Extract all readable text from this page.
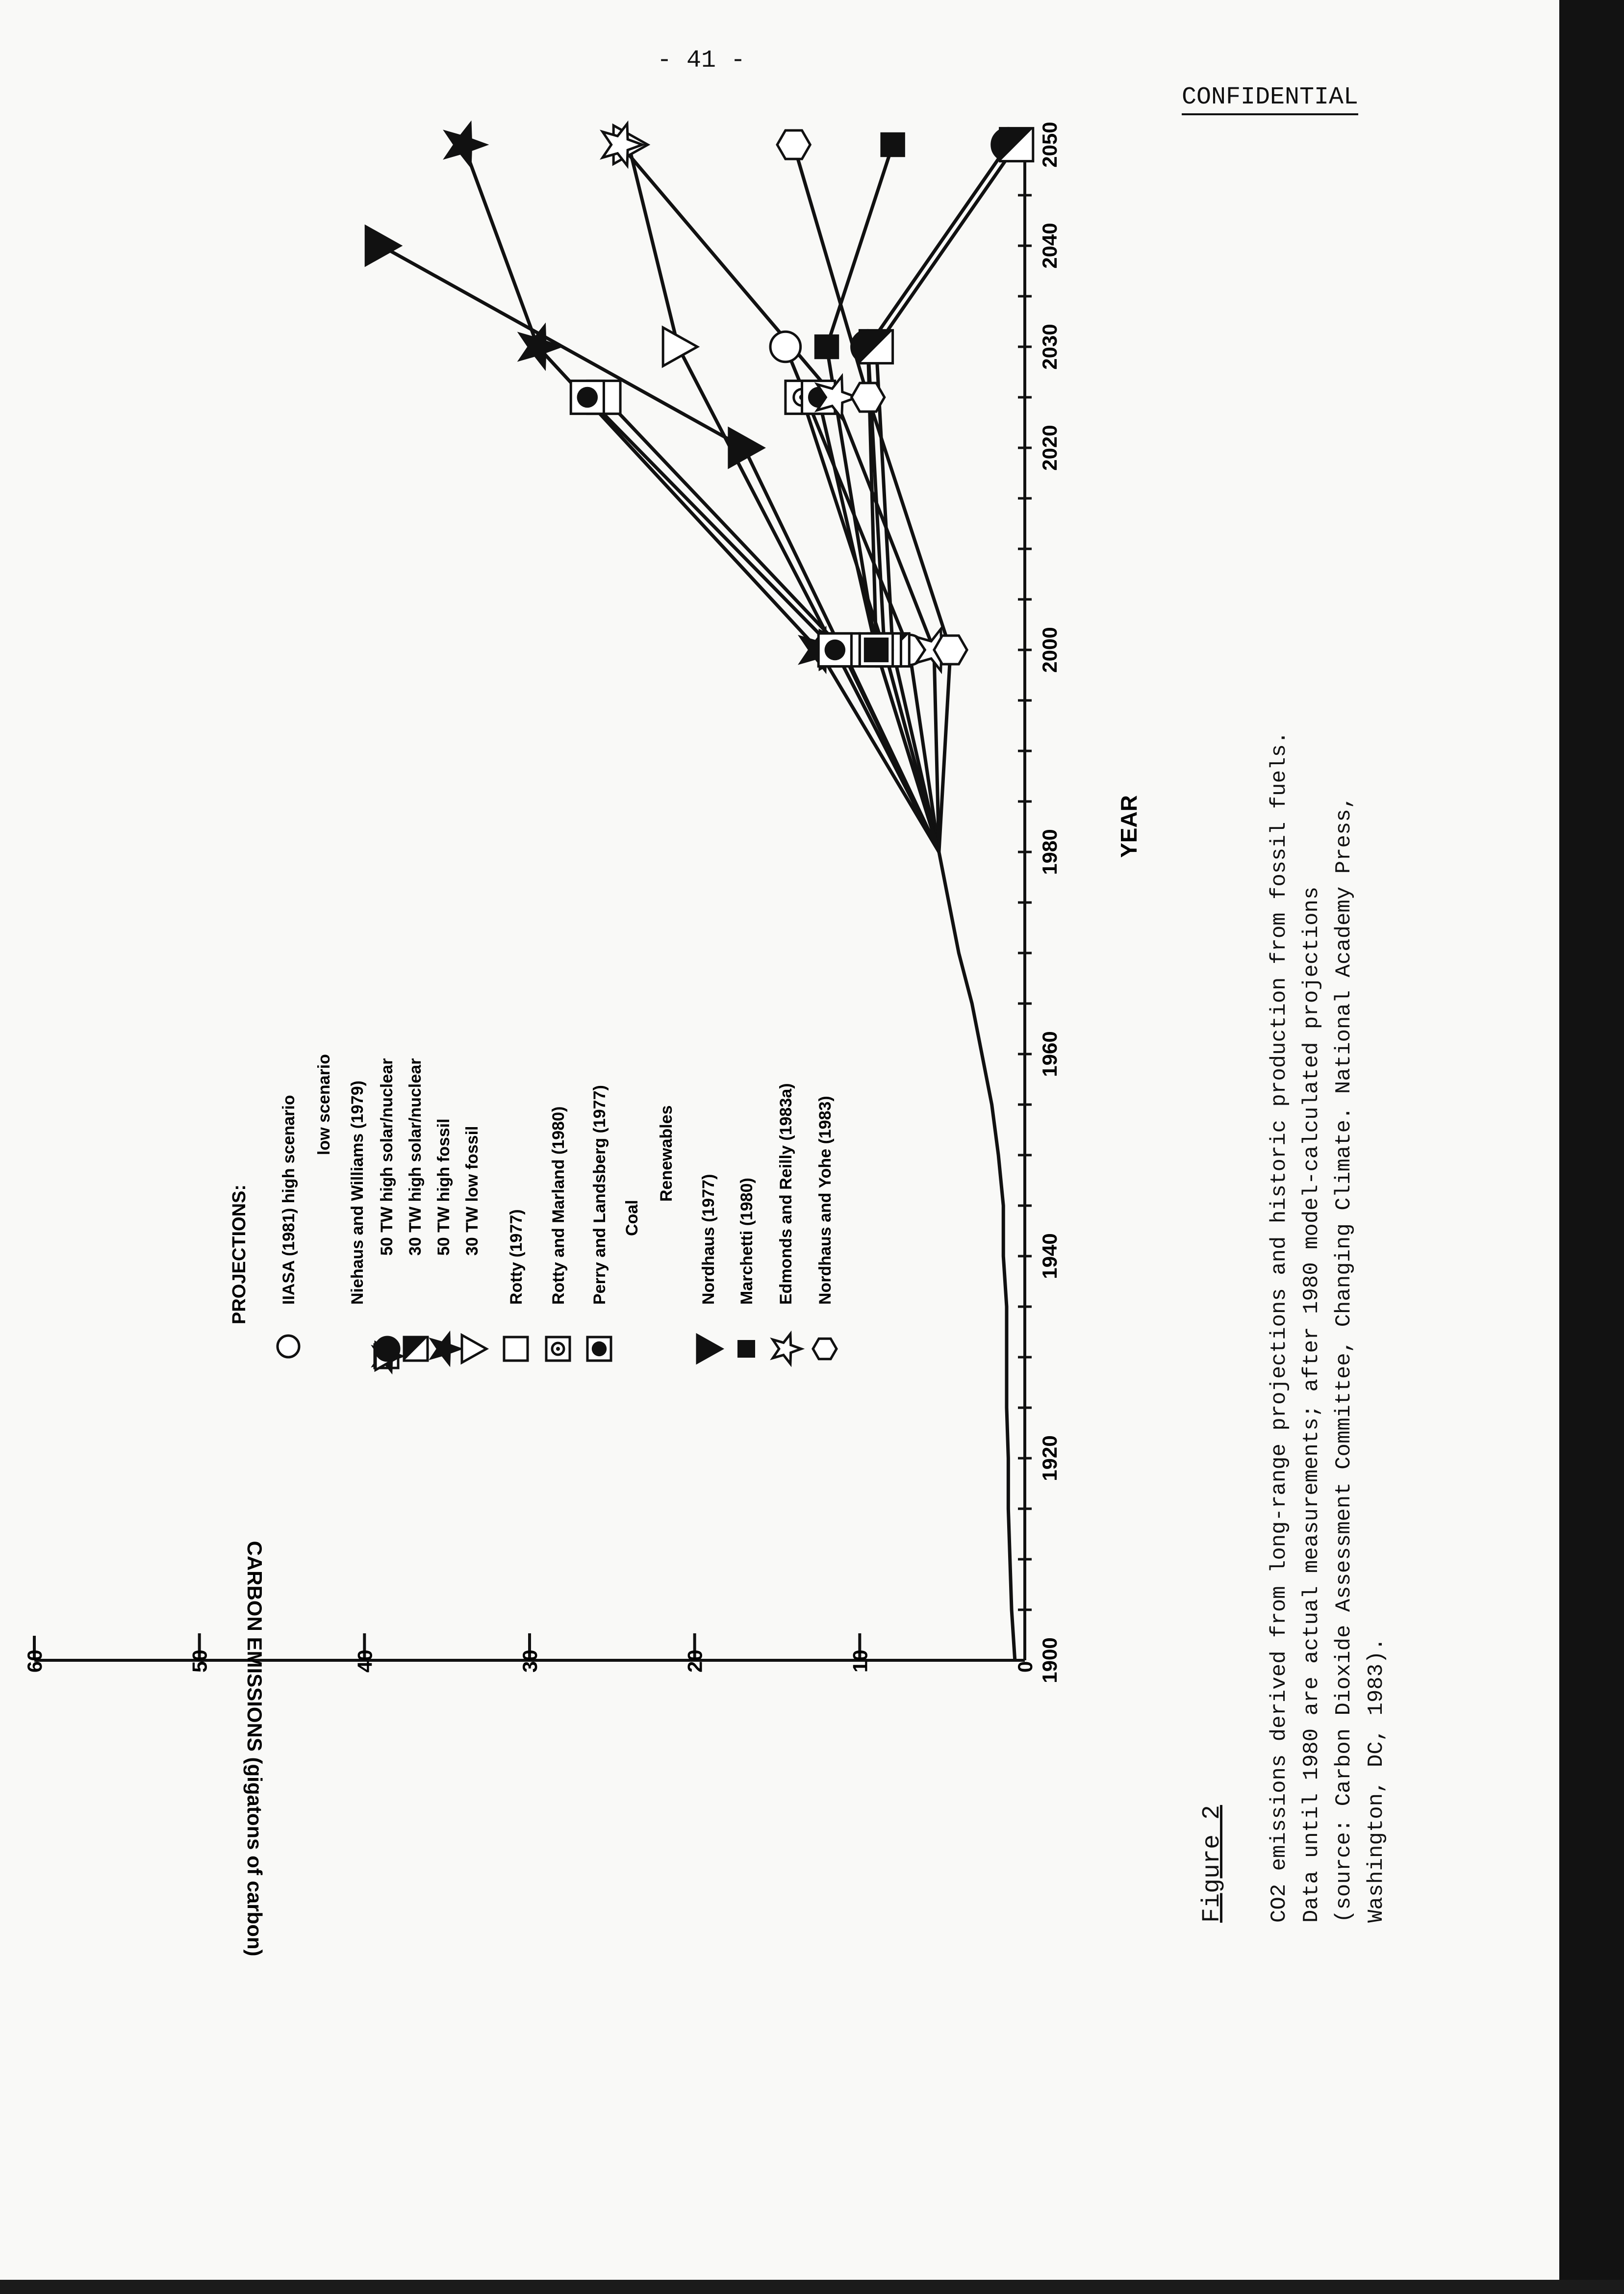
- 41 -
CONFIDENTIAL
1900
1920
1940
1960
1980
2000
2020
2030
2040
2050
0
10
20
30
40
50
60
YEAR
CARBON EMISSIONS (gigatons of carbon)
PROJECTIONS: IIASA (1981) high scenario low scenario Niehaus and Williams (1979) 50 TW high solar/nuclear 30 TW high solar/nuclear 50 TW high fossil 30 TW low fossil
Rotty (1977) Rotty and Marland (1980) Perry and Landsberg (1977) Coal
Renewables
Nordhaus (1977) Marchetti (1980) Edmonds and Reilly (1983a) Nordhaus and Yohe (1983)
Figure 2	Washington, DC, 1983).
